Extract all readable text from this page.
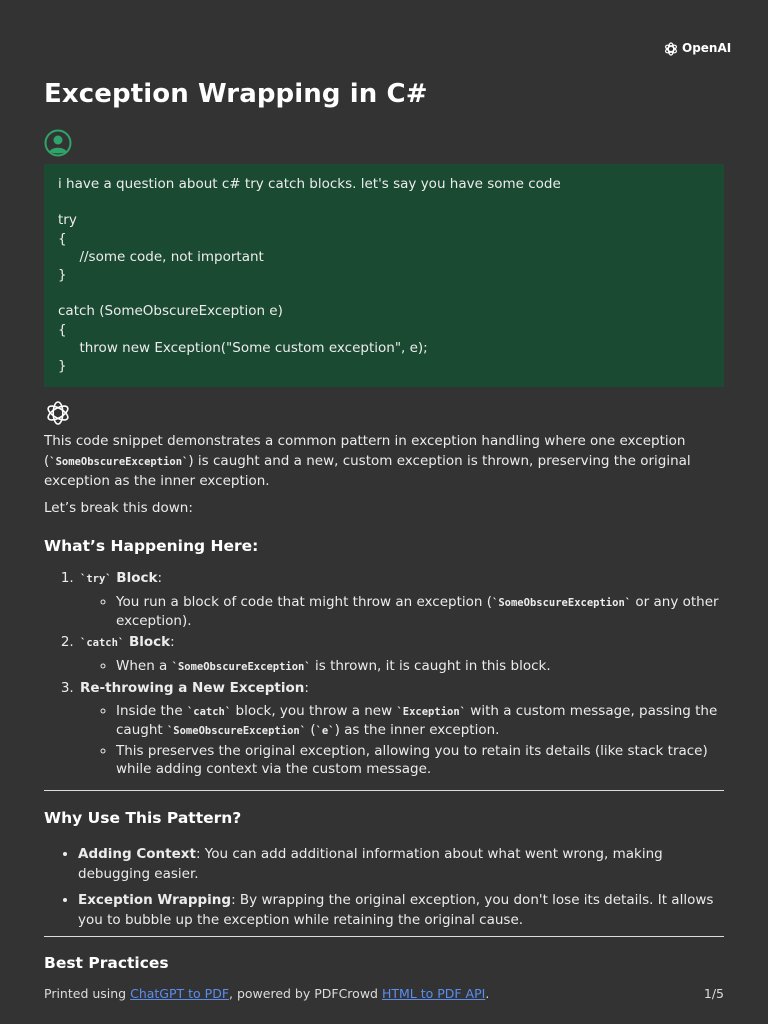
OpenAI
Exception Wrapping in C#
i have a question about c# try catch blocks. let's say you have some code

try
{
//some code, not important
}

catch (SomeObscureException e)
{
throw new Exception("Some custom exception", e);
}

This code snippet demonstrates a common pattern in exception handling where one exception (`SomeObscureException`) is caught and a new, custom exception is thrown, preserving the original exception as the inner exception.

Let’s break this down:

What’s Happening Here:
1. `try` Block:
◦ You run a block of code that might throw an exception (`SomeObscureException` or any other exception).
2. `catch` Block:
◦ When a `SomeObscureException` is thrown, it is caught in this block.
3. Re-throwing a New Exception:
◦ Inside the `catch` block, you throw a new `Exception` with a custom message, passing the caught `SomeObscureException` (`e`) as the inner exception.
◦ This preserves the original exception, allowing you to retain its details (like stack trace) while adding context via the custom message.
Why Use This Pattern?
• Adding Context: You can add additional information about what went wrong, making debugging easier.
• Exception Wrapping: By wrapping the original exception, you don't lose its details. It allows you to bubble up the exception while retaining the original cause.
Best Practices
Printed using ChatGPT to PDF, powered by PDFCrowd HTML to PDF API.	1/5
